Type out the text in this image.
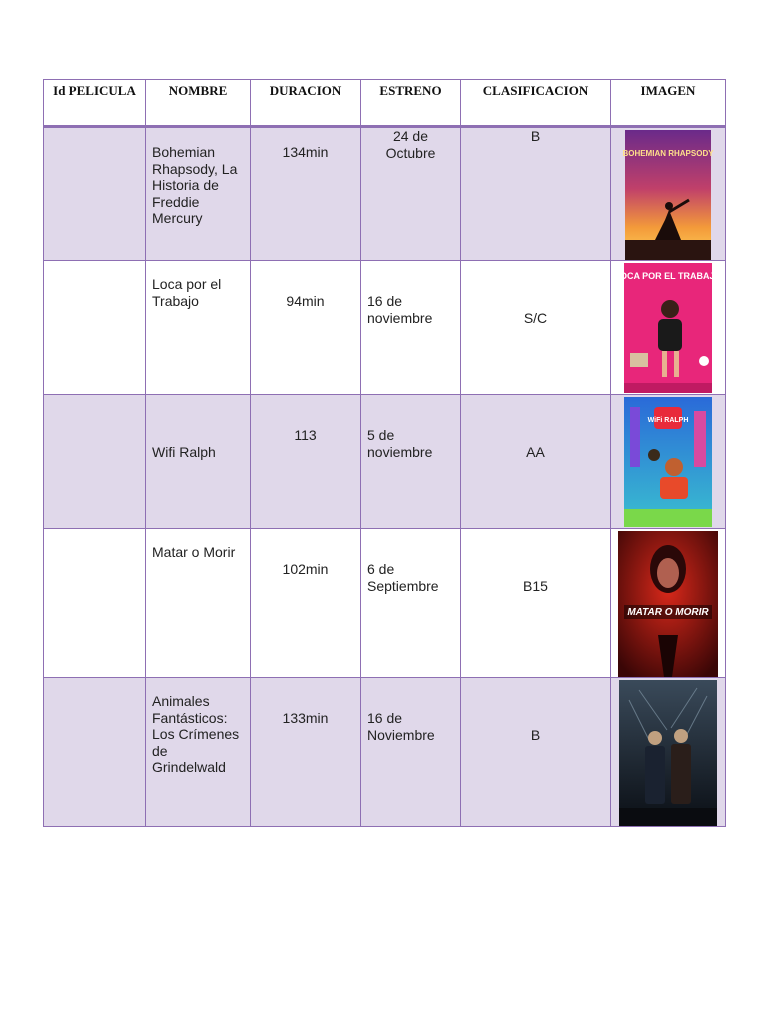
Id PELICULA	NOMBRE	DURACION	ESTRENO	CLASIFICACION	IMAGEN

	Bohemian Rhapsody, La Historia de Freddie Mercury	134min	24 de Octubre	B	BOHEMIAN RHAPSODY

	Loca por el Trabajo	94min	16 de noviembre	S/C	LOCA POR EL TRABAJO

	Wifi Ralph	113	5 de noviembre	AA	WiFi RALPH

	Matar o Morir	102min	6 de Septiembre	B15	MATAR O MORIR

	Animales Fantásticos: Los Crímenes de Grindelwald	133min	16 de Noviembre	B
